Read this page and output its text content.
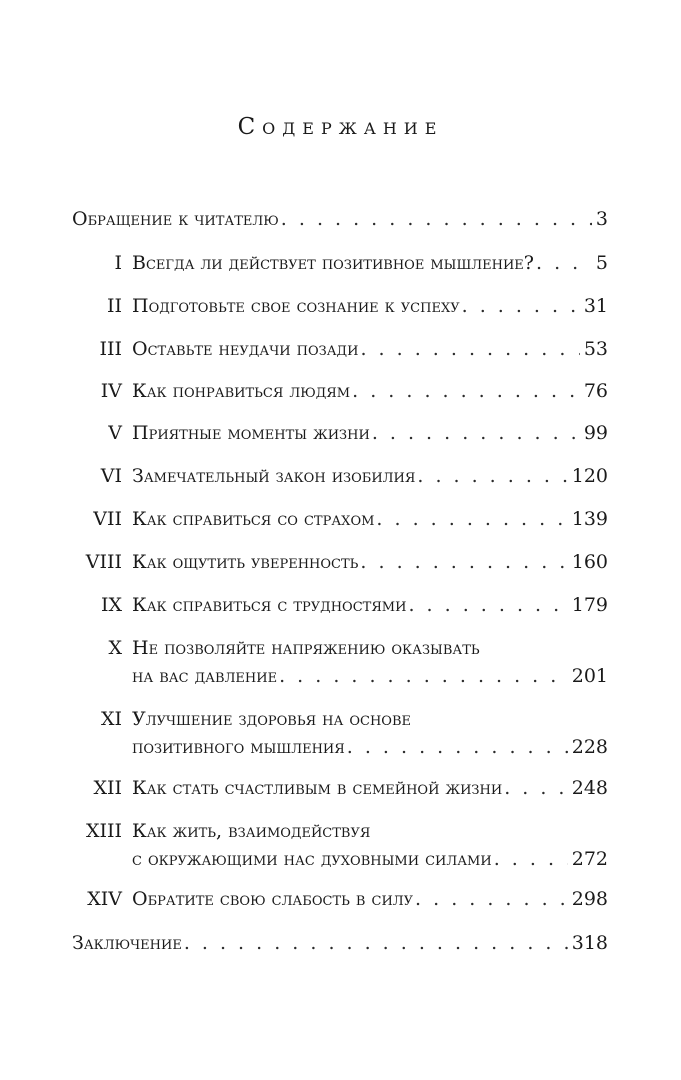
Содержание
Обращение к читателю . . .	3
I Всегда ли действует позитивное мышление? . . .	5
II Подготовьте свое сознание к успеху . . .	31
III Оставьте неудачи позади . . .	53
IV Как понравиться людям . . .	76
V Приятные моменты жизни . . .	99
VI Замечательный закон изобилия . . .	120
VII Как справиться со страхом . . .	139
VIII Как ощутить уверенность . . .	160
IX Как справиться с трудностями . . .	179
X Не позволяйте напряжению оказывать
на вас давление . . .	201
XI Улучшение здоровья на основе
позитивного мышления . . .	228
XII Как стать счастливым в семейной жизни . . .	248
XIII Как жить, взаимодействуя
с окружающими нас духовными силами . . .	272
XIV Обратите свою слабость в силу . . .	298
Заключение . . .	318
